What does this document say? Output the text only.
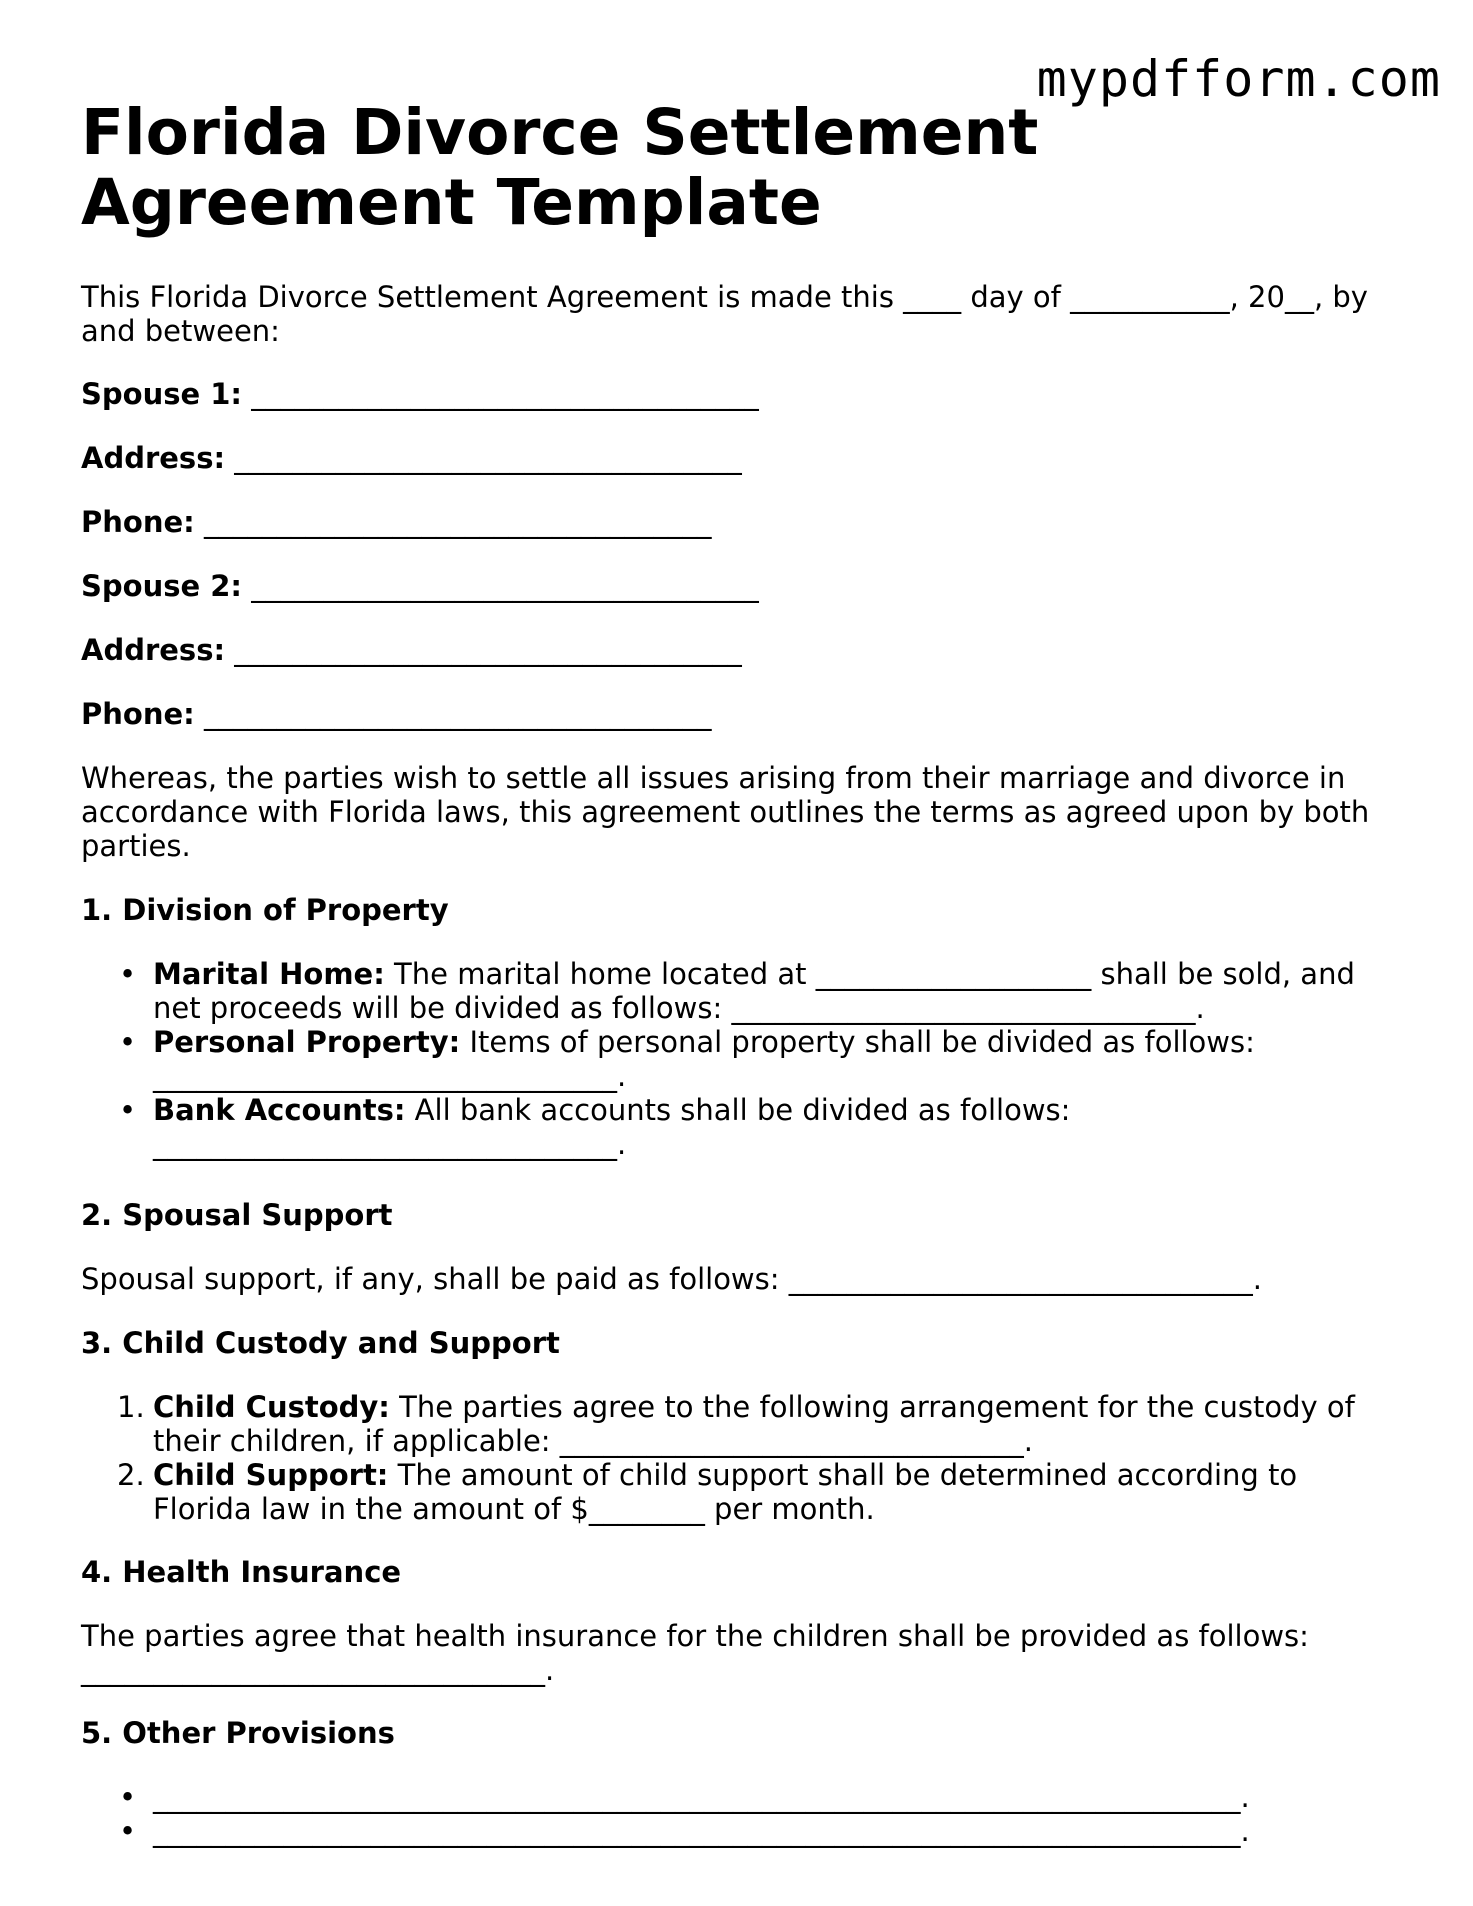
mypdfform.com
Florida Divorce Settlement Agreement Template

This Florida Divorce Settlement Agreement is made this ____ day of ___________, 20__, by and between:

Spouse 1: ___________________________________
Address: ___________________________________
Phone: ___________________________________
Spouse 2: ___________________________________
Address: ___________________________________
Phone: ___________________________________

Whereas, the parties wish to settle all issues arising from their marriage and divorce in accordance with Florida laws, this agreement outlines the terms as agreed upon by both parties.

1. Division of Property
• Marital Home: The marital home located at ___________________ shall be sold, and net proceeds will be divided as follows: ________________________________.
• Personal Property: Items of personal property shall be divided as follows: ________________________________.
• Bank Accounts: All bank accounts shall be divided as follows: ________________________________.
2. Spousal Support

Spousal support, if any, shall be paid as follows: ________________________________.

3. Child Custody and Support
1. Child Custody: The parties agree to the following arrangement for the custody of their children, if applicable: ________________________________.
2. Child Support: The amount of child support shall be determined according to Florida law in the amount of $________ per month.
4. Health Insurance

The parties agree that health insurance for the children shall be provided as follows: ________________________________.

5. Other Provisions
• ___________________________________________________________________________.
• ___________________________________________________________________________.
